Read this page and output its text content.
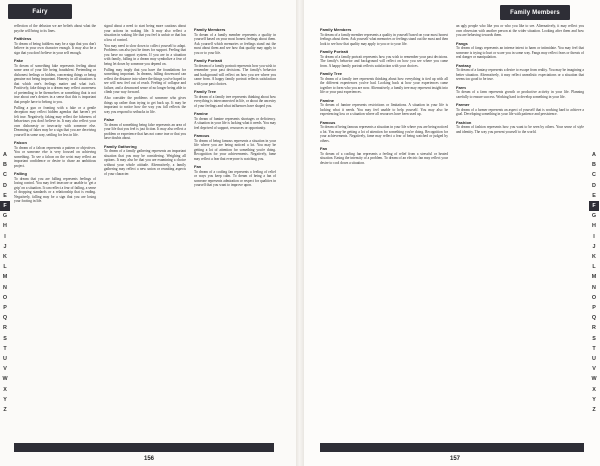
Fairy

reflection of the delusion we are beliefs about what the psyche will bring to its lines.

Faithless
To dream of being faithless may be a sign that you don't believe in your own character enough. It may also be a sign that you don't believe in your self enough.

Fake
To dream of something fake represents feeling about some area of your life being fraudulent. Pretending or dishonest feelings or hidden, concerning things or being genuine not being important. Honesty in all situations is that which one's feelings matter and what isn't. Positively, fake things in a dream may reflect awareness of pretending to be themselves or something that is not true about one's desires in a sense that this is important that people have to belong to you.

Pulling a gun or fronting with a fake or a gentle deception may reflect hidden agendas that haven't yet felt true. Negatively, faking may reflect the falseness of behaviours you don't believe in. It may also reflect your own dishonesty or insecurity with someone else. Dreaming of fakes may be a sign that you are deceiving yourself in some way, settling for less in life.

Falcon
To dream of a falcon represents a pattern or objectives. You or someone else is very focused on achieving something. To see a falcon on the wrist may reflect an important confidence or desire to chase an ambitious project.

Falling
To dream that you are falling represents feelings of losing control. You may feel insecure or unable to 'get a grip' on a situation. It can reflect a fear of failing, a sense of dropping standards or a relationship that is ending. Negatively, falling may be a sign that you are losing your footing in life.

signal about a need to start being more cautious about your actions in waking life. It may also reflect a situation in waking life that you feel is unfair or that has a loss of control.

You may need to slow down to collect yourself to adapt. Problems can also just be times for support. Feeling that you have no support system. If you are in a situation with family, falling in a dream may symbolize a fear of being let down by someone you depend on.

Falling may imply that you have the foundations for something important. In dreams, falling downward can reflect the distance into where the things you've hoped to see will now feel out of reach. Feeling of collapse and failure, and a downward sense of no longer being able to climb your way forward.

Also consider the problems of someone who gives things up rather than trying to get back up. It may be important to notice how the way you fall reflects the way you respond to setbacks in life.

False
To dream of something being false represents an area of your life that you feel is just fiction. It may also reflect a problem or experience that has not come true or that you have doubts about.

Family Gathering
To dream of a family gathering represents an important situation that you may be considering. Weighing all options. It may also be that you are examining a choice without your whole attitude. Alternatively, a family gathering may reflect a new union or reuniting aspects of your character.

Family Members
To dream of a family member represents a quality in yourself based on your most honest feelings about them. Ask yourself which memories or feelings stand out the most about them and see how that quality may apply to you or to your life.

Family Portrait
To dream of a family portrait represents how you wish to remember your past decisions. The family's behavior and background will reflect on how you see where you came from. A happy family portrait reflects satisfaction with your past choices.

Family Tree
To dream of a family tree represents thinking about how everything is interconnected in life, or about the ancestry of your feelings and what influences have shaped you.

Famine
To dream of famine represents shortages or deficiency. A situation in your life is lacking what it needs. You may feel deprived of support, resources or opportunity.

Famous
To dream of being famous represents a situation in your life where you are being noticed a lot. You may be getting a lot of attention for something you're doing. Recognition for your achievements. Negatively, fame may reflect a fear that everyone is watching you.

Fan
To dream of a cooling fan represents a feeling of relief or ways you keep calm. To dream of being a fan of someone represents admiration or respect for qualities in yourself that you want to improve upon.

A
B
C
D
E
F
G
H
I
J
K
L
M
N
O
P
Q
R
S
T
U
V
W
X
Y
Z
156
Family Members

Family Members
To dream of a family member represents a quality in yourself based on your most honest feelings about them. Ask yourself what memories or feelings stand out the most and then look to see how that quality may apply to you or to your life.

Family Portrait
To dream of a family portrait represents how you wish to remember your past decisions. The family's behavior and background will reflect on how you see where you came from. A happy family portrait reflects satisfaction with your choices.

Family Tree
To dream of a family tree represents thinking about how everything is tied up with all the different experiences you've had. Looking back at how your experiences came together to form who you are now. Alternatively, a family tree may represent insight into life or your past experiences.

Famine
To dream of famine represents restrictions or limitations. A situation in your life is lacking what it needs. You may feel unable to help yourself. You may also be experiencing loss or a situation where all resources have been used up.

Famous
To dream of being famous represents a situation in your life where you are being noticed a lot. You may be getting a lot of attention for something you're doing. Recognition for your achievements. Negatively, fame may reflect a fear of being watched or judged by others.

Fan
To dream of a cooling fan represents a feeling of relief from a stressful or heated situation. Easing the intensity of a problem. To dream of an electric fan may reflect your desire to cool down a situation.

an ugly people who like you or who you like to see. Alternatively, it may reflect you own obsession with another person at the wider situation. Looking after them and how you are behaving towards them.

Fangs
To dream of fangs represents an intense intent to harm or intimidate. You may feel that someone is trying to hurt or scare you in some way. Fangs may reflect fears or threats of real danger or manipulation.

Fantasy
To dream of a fantasy represents a desire to escape from reality. You may be imagining a better situation. Alternatively, it may reflect unrealistic expectations or a situation that seems too good to be true.

Farm
To dream of a farm represents growth or productive activity in your life. Planning carefully to ensure success. Working hard to develop something in your life.

Farmer
To dream of a farmer represents an aspect of yourself that is working hard to achieve a goal. Developing something in your life with patience and persistence.

Fashion
To dream of fashion represents how you want to be seen by others. Your sense of style and identity. The way you present yourself to the world.

A
B
C
D
E
F
G
H
I
J
K
L
M
N
O
P
Q
R
S
T
U
V
W
X
Y
Z
157
